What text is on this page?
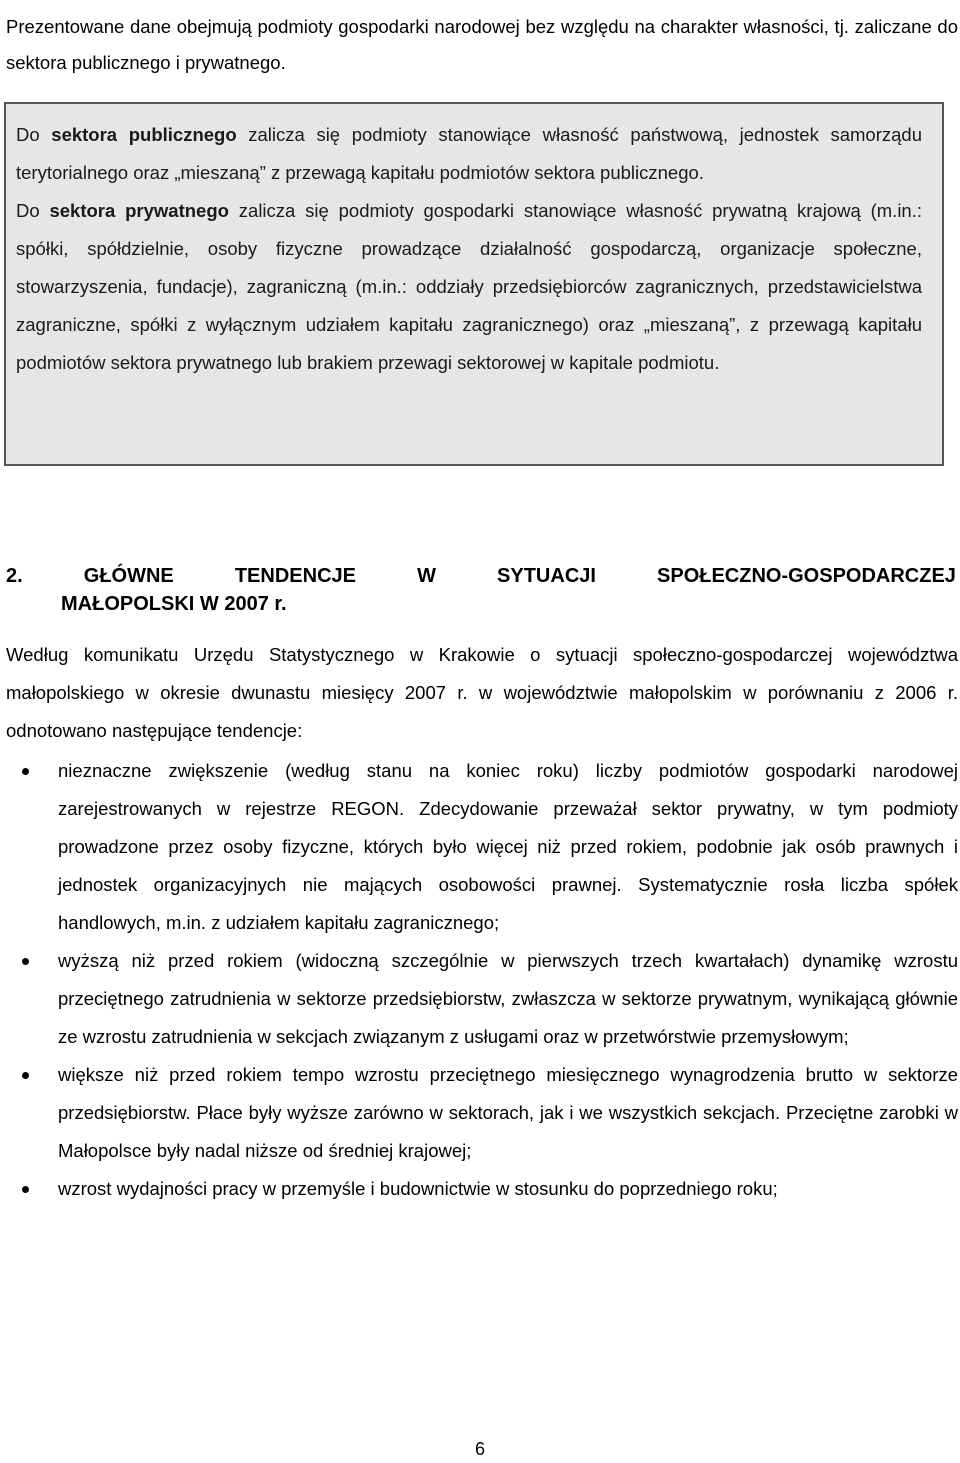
Prezentowane dane obejmują podmioty gospodarki narodowej bez względu na charakter własności, tj. zaliczane do sektora publicznego i prywatnego.

Do sektora publicznego zalicza się podmioty stanowiące własność państwową, jednostek samorządu terytorialnego oraz „mieszaną” z przewagą kapitału podmiotów sektora publicznego.

Do sektora prywatnego zalicza się podmioty gospodarki stanowiące własność prywatną krajową (m.in.: spółki, spółdzielnie, osoby fizyczne prowadzące działalność gospodarczą, organizacje społeczne, stowarzyszenia, fundacje), zagraniczną (m.in.: oddziały przedsiębiorców zagranicznych, przedstawicielstwa zagraniczne, spółki z wyłącznym udziałem kapitału zagranicznego) oraz „mieszaną”, z przewagą kapitału podmiotów sektora prywatnego lub brakiem przewagi sektorowej w kapitale podmiotu.

2.	GŁÓWNE	TENDENCJE	W	SYTUACJI	SPOŁECZNO-GOSPODARCZEJ
MAŁOPOLSKI W 2007 r.

Według komunikatu Urzędu Statystycznego w Krakowie o sytuacji społeczno-gospodarczej województwa małopolskiego w okresie dwunastu miesięcy 2007 r. w województwie małopolskim w porównaniu z 2006 r. odnotowano następujące tendencje:

nieznaczne zwiększenie (według stanu na koniec roku) liczby podmiotów gospodarki narodowej zarejestrowanych w rejestrze REGON. Zdecydowanie przeważał sektor prywatny, w tym podmioty prowadzone przez osoby fizyczne, których było więcej niż przed rokiem, podobnie jak osób prawnych i jednostek organizacyjnych nie mających osobowości prawnej. Systematycznie rosła liczba spółek handlowych, m.in. z udziałem kapitału zagranicznego;
wyższą niż przed rokiem (widoczną szczególnie w pierwszych trzech kwartałach) dynamikę wzrostu przeciętnego zatrudnienia w sektorze przedsiębiorstw, zwłaszcza w sektorze prywatnym, wynikającą głównie ze wzrostu zatrudnienia w sekcjach związanym z usługami oraz w przetwórstwie przemysłowym;
większe niż przed rokiem tempo wzrostu przeciętnego miesięcznego wynagrodzenia brutto w sektorze przedsiębiorstw. Płace były wyższe zarówno w sektorach, jak i we wszystkich sekcjach. Przeciętne zarobki w Małopolsce były nadal niższe od średniej krajowej;
wzrost wydajności pracy w przemyśle i budownictwie w stosunku do poprzedniego roku;
6
